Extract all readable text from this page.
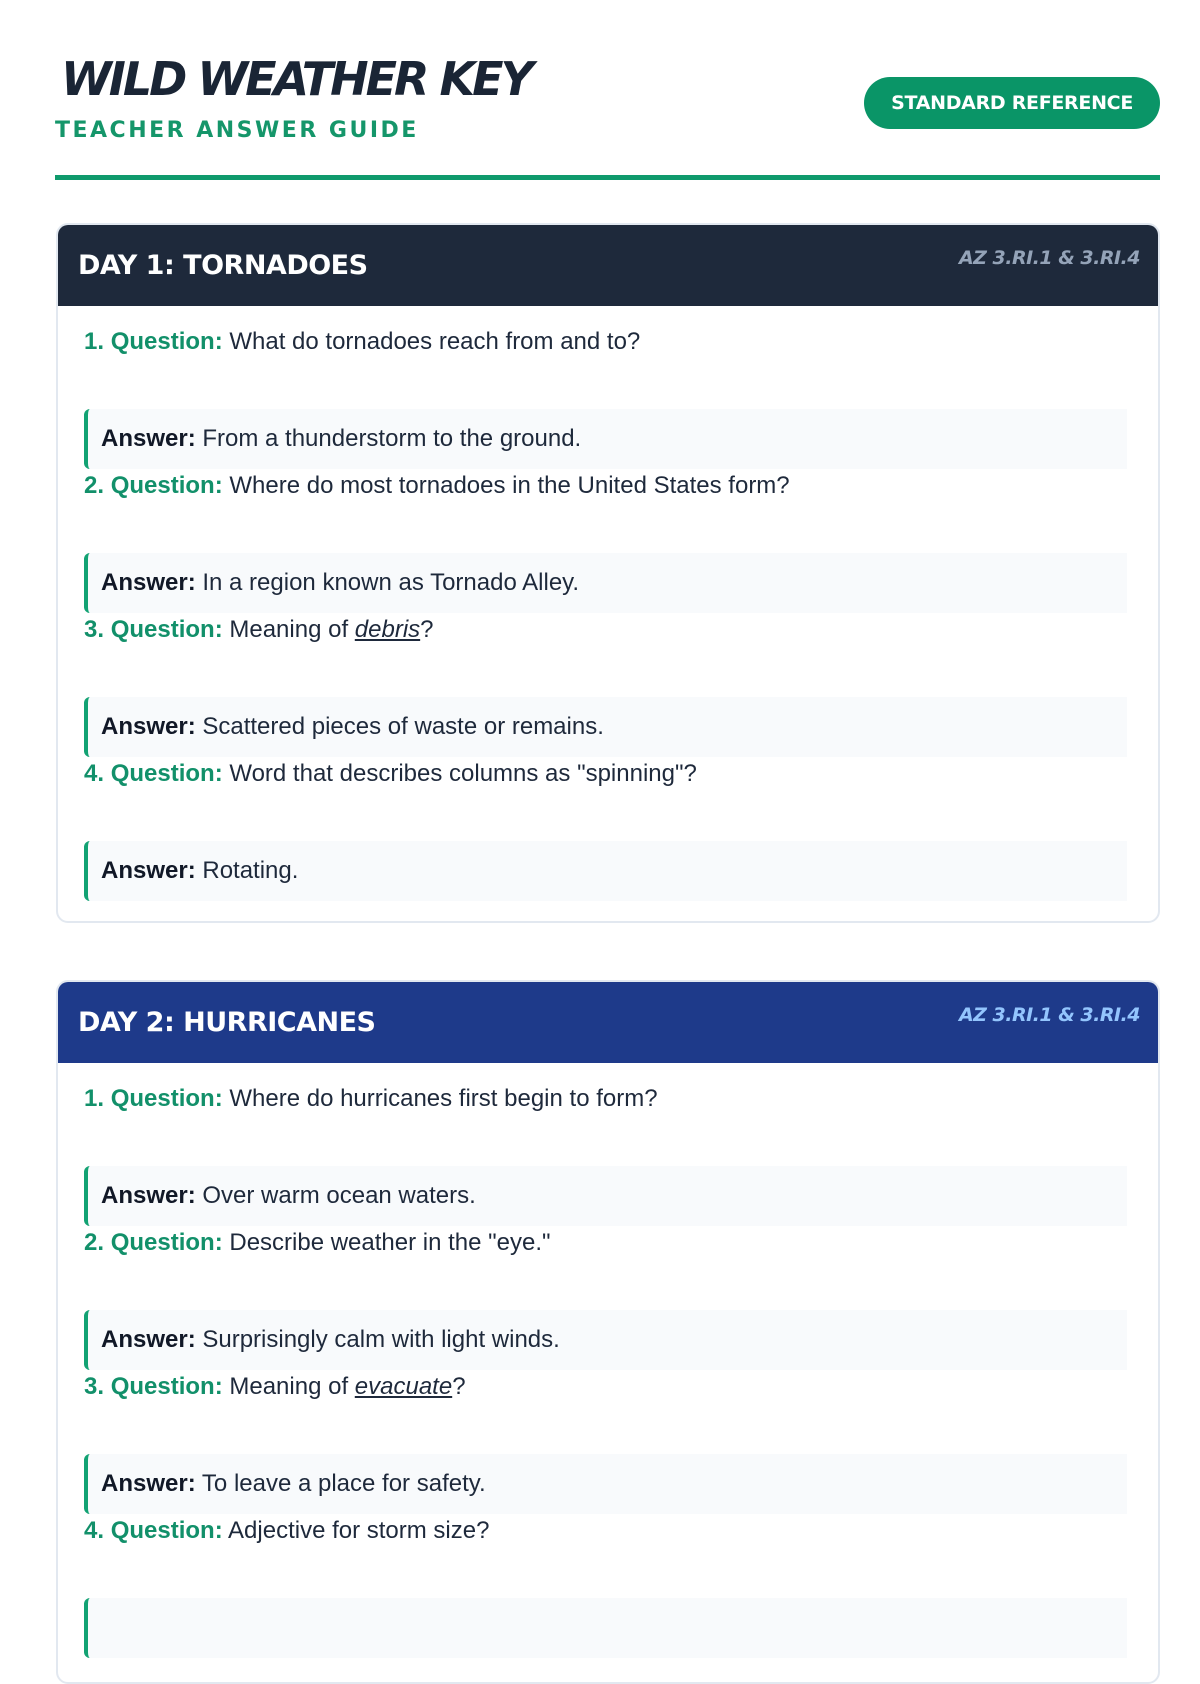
WILD WEATHER KEY
TEACHER ANSWER GUIDE
STANDARD REFERENCE
DAY 1: TORNADOES	AZ 3.RI.1 & 3.RI.4
1. Question: What do tornadoes reach from and to?
Answer: From a thunderstorm to the ground.
2. Question: Where do most tornadoes in the United States form?
Answer: In a region known as Tornado Alley.
3. Question: Meaning of debris?
Answer: Scattered pieces of waste or remains.
4. Question: Word that describes columns as "spinning"?
Answer: Rotating.
DAY 2: HURRICANES	AZ 3.RI.1 & 3.RI.4
1. Question: Where do hurricanes first begin to form?
Answer: Over warm ocean waters.
2. Question: Describe weather in the "eye."
Answer: Surprisingly calm with light winds.
3. Question: Meaning of evacuate?
Answer: To leave a place for safety.
4. Question: Adjective for storm size?
